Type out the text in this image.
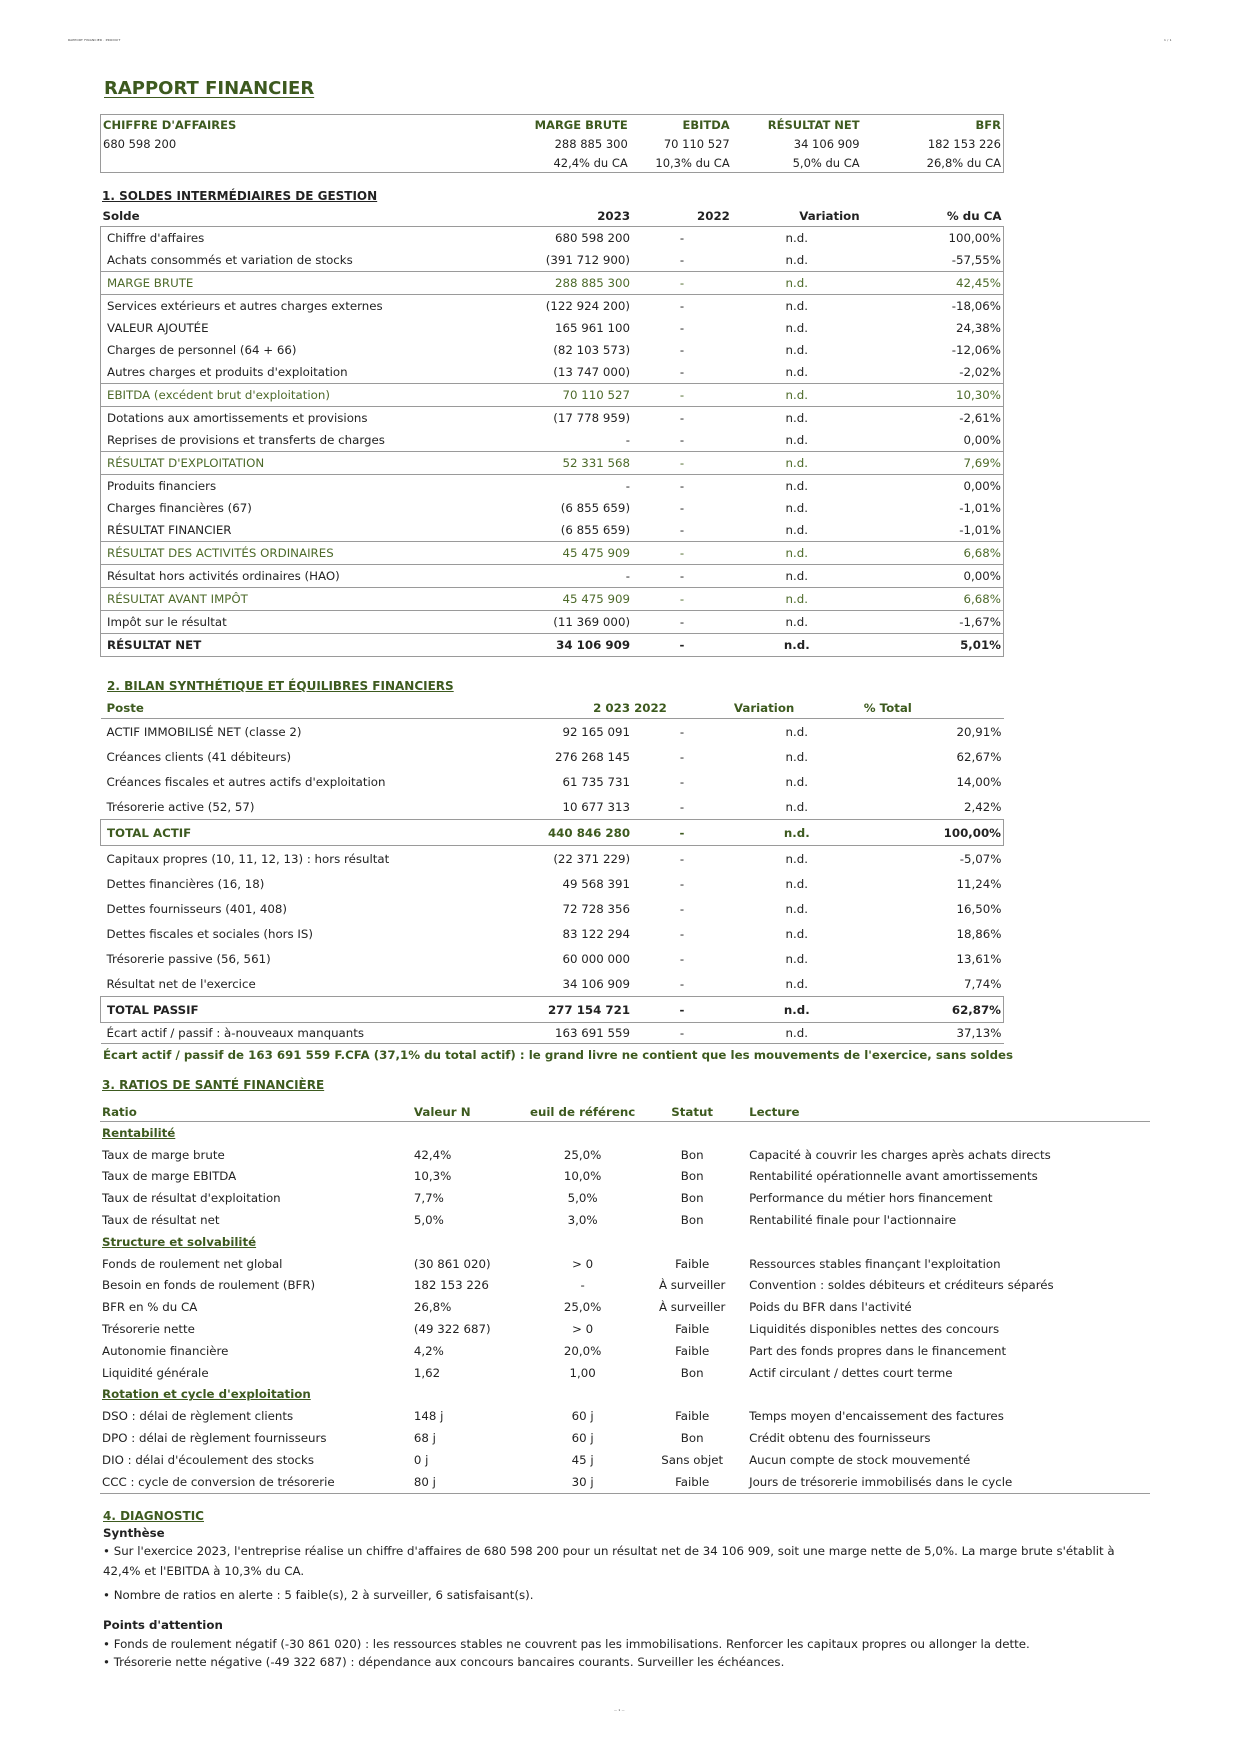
RAPPORT FINANCIER · PRODUIT	1 / 1
RAPPORT FINANCIER
CHIFFRE D'AFFAIRES	MARGE BRUTE	EBITDA	RÉSULTAT NET	BFR
680 598 200	288 885 300	70 110 527	34 106 909	182 153 226
	42,4% du CA	10,3% du CA	5,0% du CA	26,8% du CA
1. SOLDES INTERMÉDIAIRES DE GESTION
Solde	2023	2022	Variation	% du CA
Chiffre d'affaires	680 598 200	-	n.d.	100,00%
Achats consommés et variation de stocks	(391 712 900)	-	n.d.	-57,55%
MARGE BRUTE	288 885 300	-	n.d.	42,45%
Services extérieurs et autres charges externes	(122 924 200)	-	n.d.	-18,06%
VALEUR AJOUTÉE	165 961 100	-	n.d.	24,38%
Charges de personnel (64 + 66)	(82 103 573)	-	n.d.	-12,06%
Autres charges et produits d'exploitation	(13 747 000)	-	n.d.	-2,02%
EBITDA (excédent brut d'exploitation)	70 110 527	-	n.d.	10,30%
Dotations aux amortissements et provisions	(17 778 959)	-	n.d.	-2,61%
Reprises de provisions et transferts de charges	-	-	n.d.	0,00%
RÉSULTAT D'EXPLOITATION	52 331 568	-	n.d.	7,69%
Produits financiers	-	-	n.d.	0,00%
Charges financières (67)	(6 855 659)	-	n.d.	-1,01%
RÉSULTAT FINANCIER	(6 855 659)	-	n.d.	-1,01%
RÉSULTAT DES ACTIVITÉS ORDINAIRES	45 475 909	-	n.d.	6,68%
Résultat hors activités ordinaires (HAO)	-	-	n.d.	0,00%
RÉSULTAT AVANT IMPÔT	45 475 909	-	n.d.	6,68%
Impôt sur le résultat	(11 369 000)	-	n.d.	-1,67%
RÉSULTAT NET	34 106 909	-	n.d.	5,01%
2. BILAN SYNTHÉTIQUE ET ÉQUILIBRES FINANCIERS
Poste	2 023	2022	Variation	% Total
ACTIF IMMOBILISÉ NET (classe 2)	92 165 091	-	n.d.	20,91%
Créances clients (41 débiteurs)	276 268 145	-	n.d.	62,67%
Créances fiscales et autres actifs d'exploitation	61 735 731	-	n.d.	14,00%
Trésorerie active (52, 57)	10 677 313	-	n.d.	2,42%
TOTAL ACTIF	440 846 280	-	n.d.	100,00%
Capitaux propres (10, 11, 12, 13) : hors résultat	(22 371 229)	-	n.d.	-5,07%
Dettes financières (16, 18)	49 568 391	-	n.d.	11,24%
Dettes fournisseurs (401, 408)	72 728 356	-	n.d.	16,50%
Dettes fiscales et sociales (hors IS)	83 122 294	-	n.d.	18,86%
Trésorerie passive (56, 561)	60 000 000	-	n.d.	13,61%
Résultat net de l'exercice	34 106 909	-	n.d.	7,74%
TOTAL PASSIF	277 154 721	-	n.d.	62,87%
Écart actif / passif : à-nouveaux manquants	163 691 559	-	n.d.	37,13%
Écart actif / passif de 163 691 559 F.CFA (37,1% du total actif) : le grand livre ne contient que les mouvements de l'exercice, sans soldes
3. RATIOS DE SANTÉ FINANCIÈRE
Ratio	Valeur N	euil de référenc	Statut	Lecture
Rentabilité				
Taux de marge brute	42,4%	25,0%	Bon	Capacité à couvrir les charges après achats directs
Taux de marge EBITDA	10,3%	10,0%	Bon	Rentabilité opérationnelle avant amortissements
Taux de résultat d'exploitation	7,7%	5,0%	Bon	Performance du métier hors financement
Taux de résultat net	5,0%	3,0%	Bon	Rentabilité finale pour l'actionnaire
Structure et solvabilité				
Fonds de roulement net global	(30 861 020)	> 0	Faible	Ressources stables finançant l'exploitation
Besoin en fonds de roulement (BFR)	182 153 226	-	À surveiller	Convention : soldes débiteurs et créditeurs séparés
BFR en % du CA	26,8%	25,0%	À surveiller	Poids du BFR dans l'activité
Trésorerie nette	(49 322 687)	> 0	Faible	Liquidités disponibles nettes des concours
Autonomie financière	4,2%	20,0%	Faible	Part des fonds propres dans le financement
Liquidité générale	1,62	1,00	Bon	Actif circulant / dettes court terme
Rotation et cycle d'exploitation				
DSO : délai de règlement clients	148 j	60 j	Faible	Temps moyen d'encaissement des factures
DPO : délai de règlement fournisseurs	68 j	60 j	Bon	Crédit obtenu des fournisseurs
DIO : délai d'écoulement des stocks	0 j	45 j	Sans objet	Aucun compte de stock mouvementé
CCC : cycle de conversion de trésorerie	80 j	30 j	Faible	Jours de trésorerie immobilisés dans le cycle
4. DIAGNOSTIC
Synthèse

• Sur l'exercice 2023, l'entreprise réalise un chiffre d'affaires de 680 598 200 pour un résultat net de 34 106 909, soit une marge nette de 5,0%. La marge brute s'établit à 42,4% et l'EBITDA à 10,3% du CA.

• Nombre de ratios en alerte : 5 faible(s), 2 à surveiller, 6 satisfaisant(s).

Points d'attention

• Fonds de roulement négatif (-30 861 020) : les ressources stables ne couvrent pas les immobilisations. Renforcer les capitaux propres ou allonger la dette.

• Trésorerie nette négative (-49 322 687) : dépendance aux concours bancaires courants. Surveiller les échéances.

— 1 —
